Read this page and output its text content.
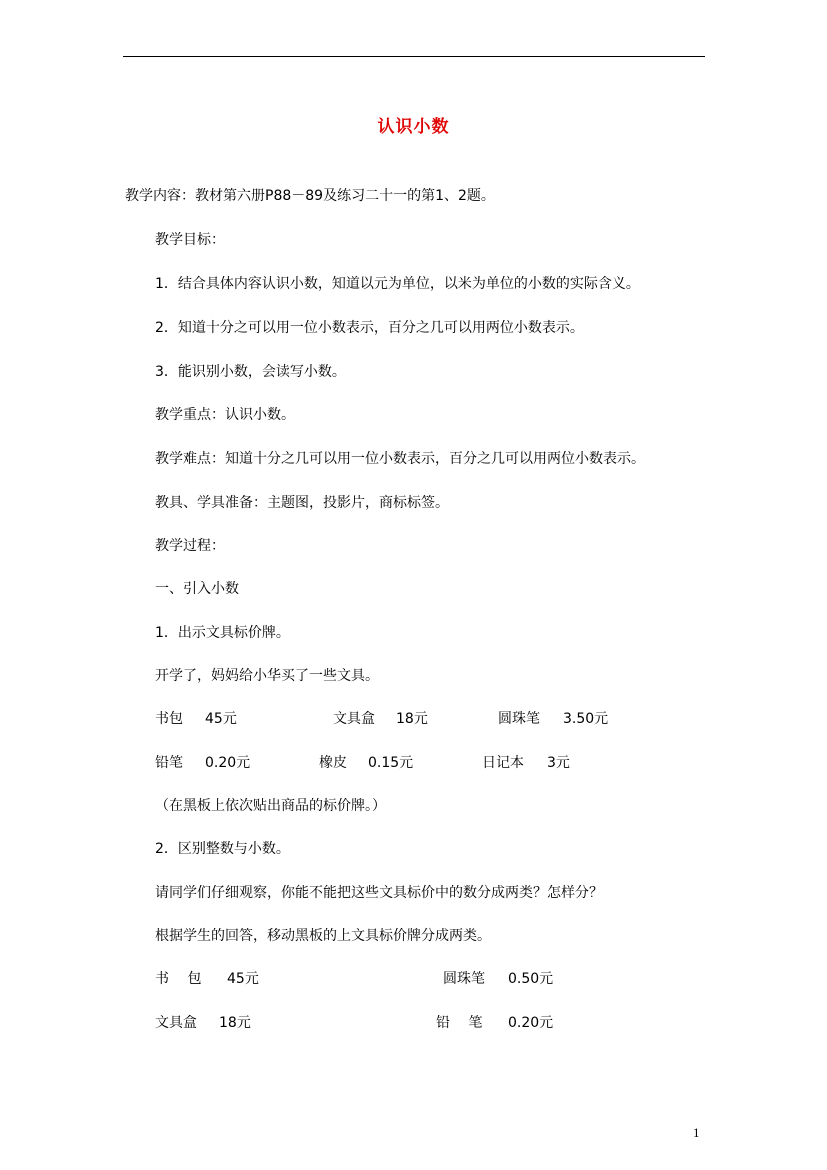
认识小数
教学内容：教材第六册P88－89及练习二十一的第1、2题。
教学目标：
1．结合具体内容认识小数，知道以元为单位，以米为单位的小数的实际含义。
2．知道十分之可以用一位小数表示，百分之几可以用两位小数表示。
3．能识别小数，会读写小数。
教学重点：认识小数。
教学难点：知道十分之几可以用一位小数表示，百分之几可以用两位小数表示。
教具、学具准备：主题图，投影片，商标标签。
教学过程：
一、引入小数
1．出示文具标价牌。
开学了，妈妈给小华买了一些文具。
书包 45元	文具盒 18元	圆珠笔 3.50元
铅笔 0.20元	橡皮 0.15元	日记本 3元
（在黑板上依次贴出商品的标价牌。）
2．区别整数与小数。
请同学们仔细观察，你能不能把这些文具标价中的数分成两类？怎样分？
根据学生的回答，移动黑板的上文具标价牌分成两类。
书　 包 45元	圆珠笔 0.50元
文具盒 18元	铅　 笔 0.20元
1
